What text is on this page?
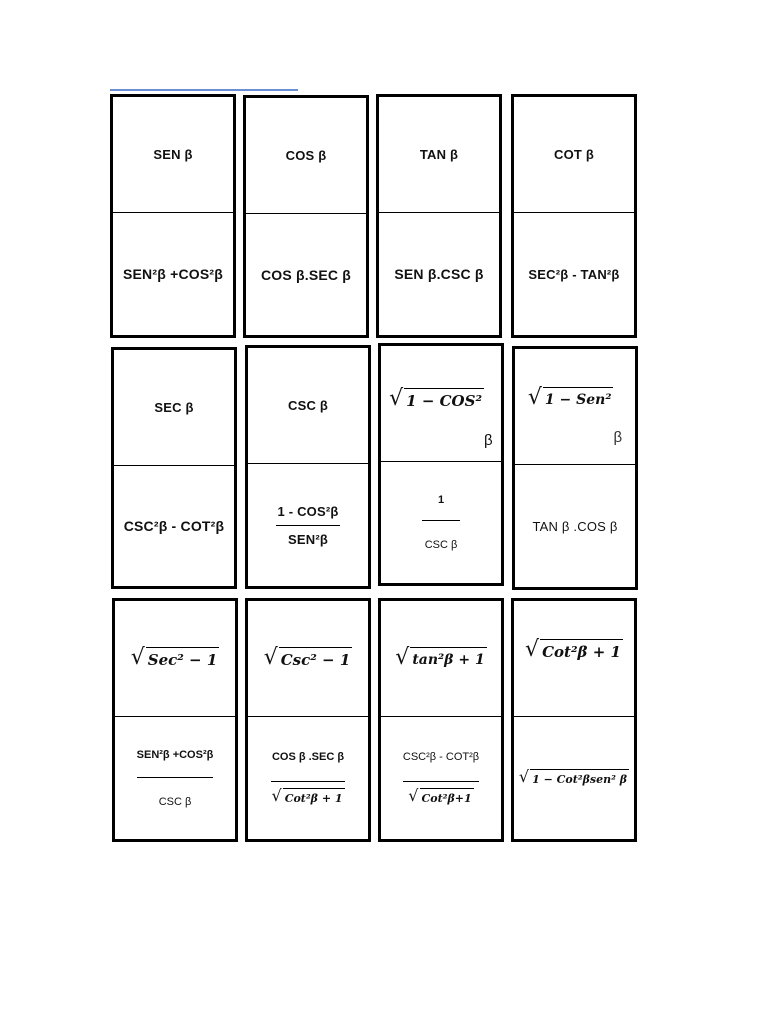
SEN β
SEN²β +COS²β
COS β
COS β.SEC β
TAN β
SEN β.CSC β
COT β
SEC²β - TAN²β
SEC β
CSC²β - COT²β
CSC β
$\frac{\text{1 - COS²β}}{\text{SEN²β}}$
√ 1 − COS²
β
$\frac{1}{\text{CSC β}}$
√ 1 − Sen²
β
TAN β .COS β
√ Sec² − 1
$\frac{\text{SEN²β +COS²β}}{\text{CSC β}}$
√ Csc² − 1
$\frac{\text{COS β .SEC β}}{\text{√ Cot²β + 1}}$
√ tan²β + 1
$\frac{\text{CSC²β - COT²β}}{\text{√ Cot²β+1}}$
√ Cot²β + 1
√ 1 − Cot²βsen² β
